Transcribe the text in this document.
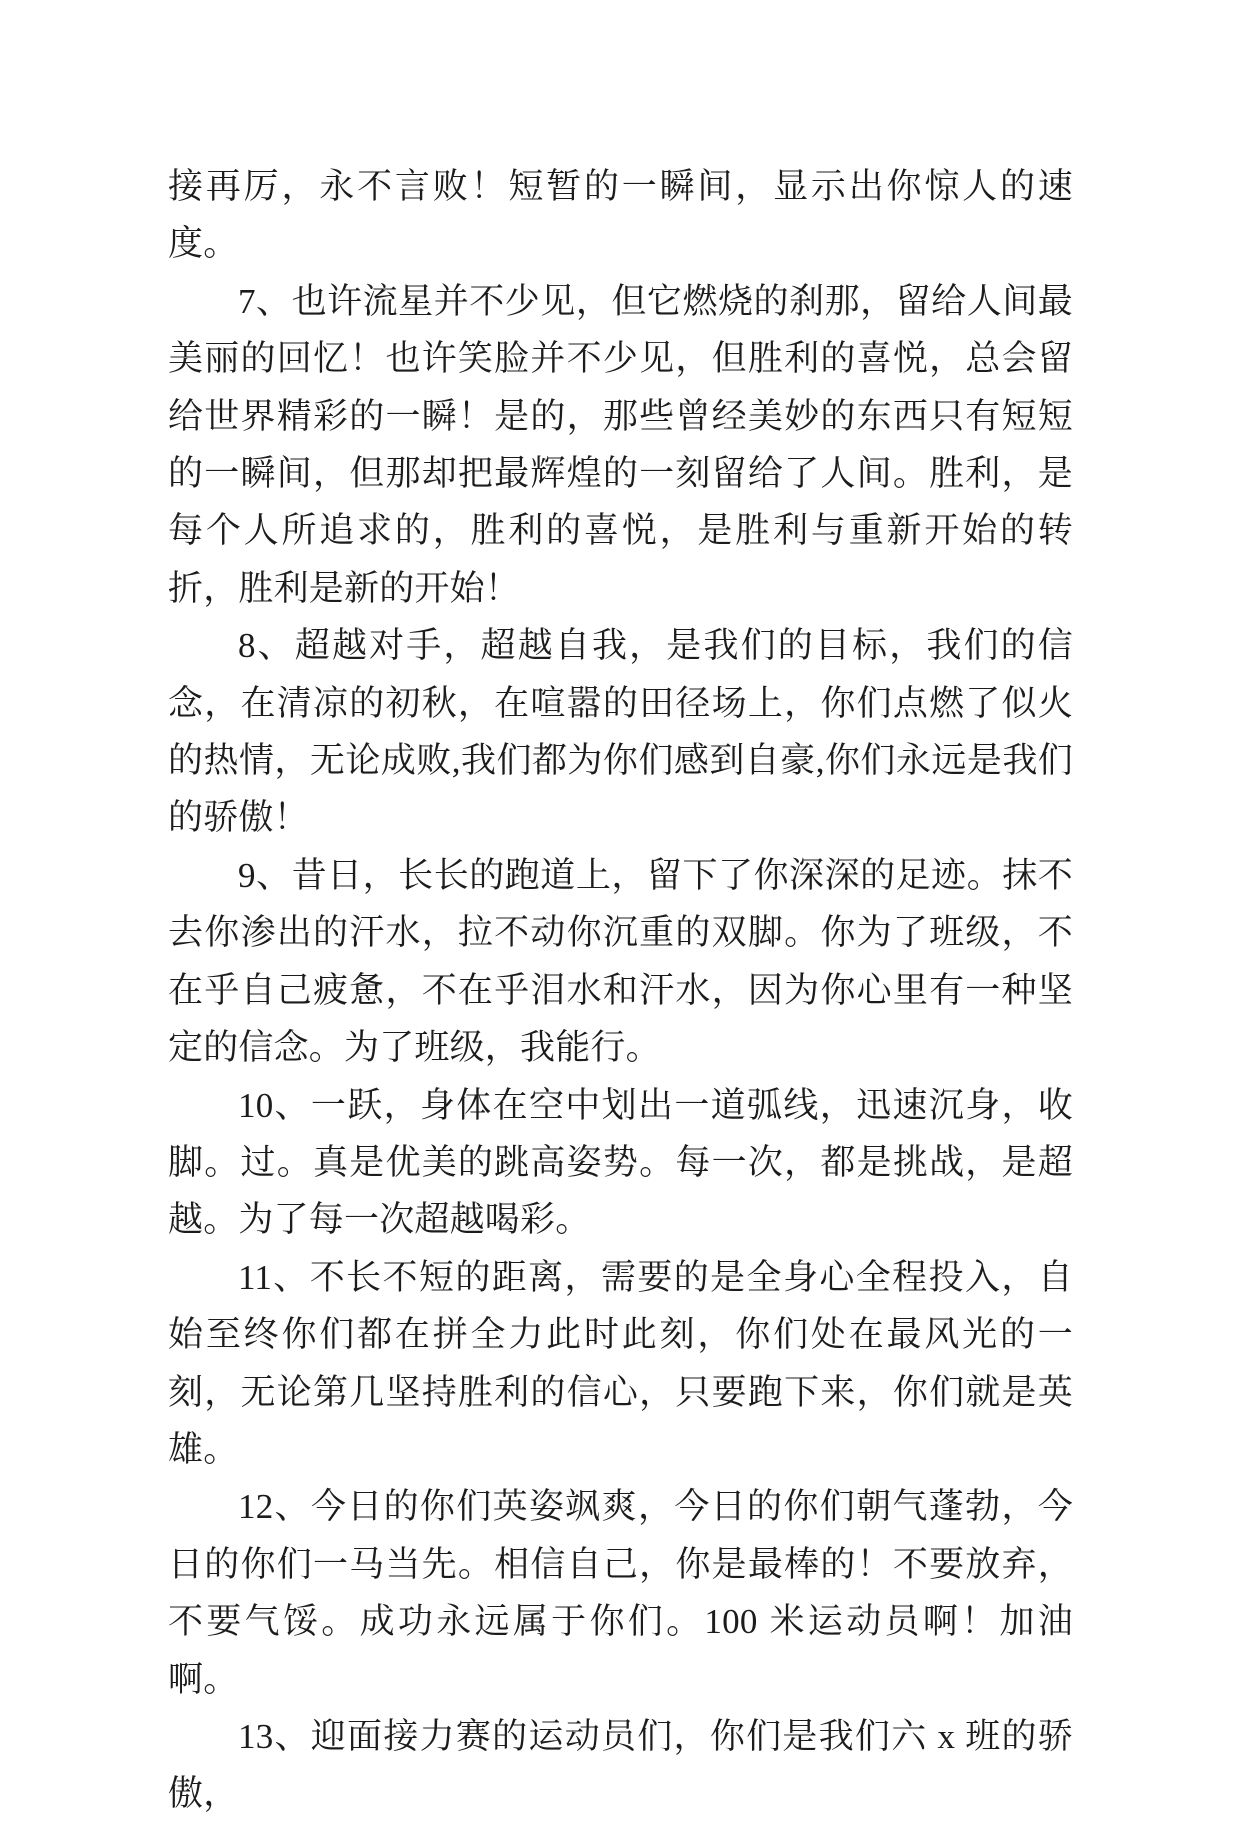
接再厉，永不言败！短暂的一瞬间，显示出你惊人的速度。

7、也许流星并不少见，但它燃烧的刹那，留给人间最美丽的回忆！也许笑脸并不少见，但胜利的喜悦，总会留给世界精彩的一瞬！是的，那些曾经美妙的东西只有短短的一瞬间，但那却把最辉煌的一刻留给了人间。胜利，是每个人所追求的，胜利的喜悦，是胜利与重新开始的转折，胜利是新的开始！

8、超越对手，超越自我，是我们的目标，我们的信念，在清凉的初秋，在喧嚣的田径场上，你们点燃了似火的热情，无论成败,我们都为你们感到自豪,你们永远是我们的骄傲！

9、昔日，长长的跑道上，留下了你深深的足迹。抹不去你渗出的汗水，拉不动你沉重的双脚。你为了班级，不在乎自己疲惫，不在乎泪水和汗水，因为你心里有一种坚定的信念。为了班级，我能行。

10、一跃，身体在空中划出一道弧线，迅速沉身，收脚。过。真是优美的跳高姿势。每一次，都是挑战，是超越。为了每一次超越喝彩。

11、不长不短的距离，需要的是全身心全程投入，自始至终你们都在拼全力此时此刻，你们处在最风光的一刻，无论第几坚持胜利的信心，只要跑下来，你们就是英雄。

12、今日的你们英姿飒爽，今日的你们朝气蓬勃，今日的你们一马当先。相信自己，你是最棒的！不要放弃，不要气馁。成功永远属于你们。100 米运动员啊！加油啊。

13、迎面接力赛的运动员们，你们是我们六 x 班的骄傲，
